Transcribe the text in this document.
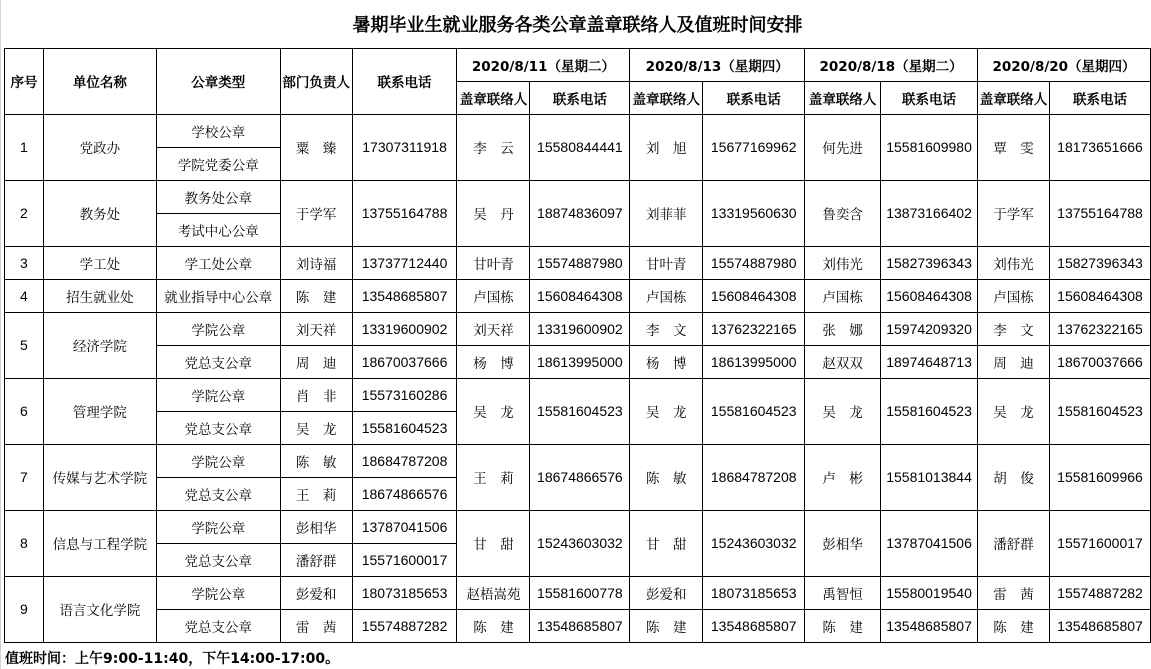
暑期毕业生就业服务各类公章盖章联络人及值班时间安排												
序号	单位名称	公章类型	部门负责人	联系电话	2020/8/11（星期二）		2020/8/13（星期四）		2020/8/18（星期二）		2020/8/20（星期四）	
					盖章联络人	联系电话	盖章联络人	联系电话	盖章联络人	联系电话	盖章联络人	联系电话
1	党政办	学校公章	粟　臻	17307311918	李　云	15580844441	刘　旭	15677169962	何先进	15581609980	覃　雯	18173651666
		学院党委公章										
2	教务处	教务处公章	于学军	13755164788	吴　丹	18874836097	刘菲菲	13319560630	鲁奕含	13873166402	于学军	13755164788
		考试中心公章										
3	学工处	学工处公章	刘诗福	13737712440	甘叶青	15574887980	甘叶青	15574887980	刘伟光	15827396343	刘伟光	15827396343
4	招生就业处	就业指导中心公章	陈　建	13548685807	卢国栋	15608464308	卢国栋	15608464308	卢国栋	15608464308	卢国栋	15608464308
5	经济学院	学院公章	刘天祥	13319600902	刘天祥	13319600902	李　文	13762322165	张　娜	15974209320	李　文	13762322165
		党总支公章	周　迪	18670037666	杨　博	18613995000	杨　博	18613995000	赵双双	18974648713	周　迪	18670037666
6	管理学院	学院公章	肖　非	15573160286	吴　龙	15581604523	吴　龙	15581604523	吴　龙	15581604523	吴　龙	15581604523
		党总支公章	吴　龙	15581604523								
7	传媒与艺术学院	学院公章	陈　敏	18684787208	王　莉	18674866576	陈　敏	18684787208	卢　彬	15581013844	胡　俊	15581609966
		党总支公章	王　莉	18674866576								
8	信息与工程学院	学院公章	彭相华	13787041506	甘　甜	15243603032	甘　甜	15243603032	彭相华	13787041506	潘舒群	15571600017
		党总支公章	潘舒群	15571600017								
9	语言文化学院	学院公章	彭爱和	18073185653	赵梧嵩苑	15581600778	彭爱和	18073185653	禹智恒	15580019540	雷　茜	15574887282
		党总支公章	雷　茜	15574887282	陈　建	13548685807	陈　建	13548685807	陈　建	13548685807	陈　建	13548685807
值班时间：上午9:00-11:40，下午14:00-17:00。
